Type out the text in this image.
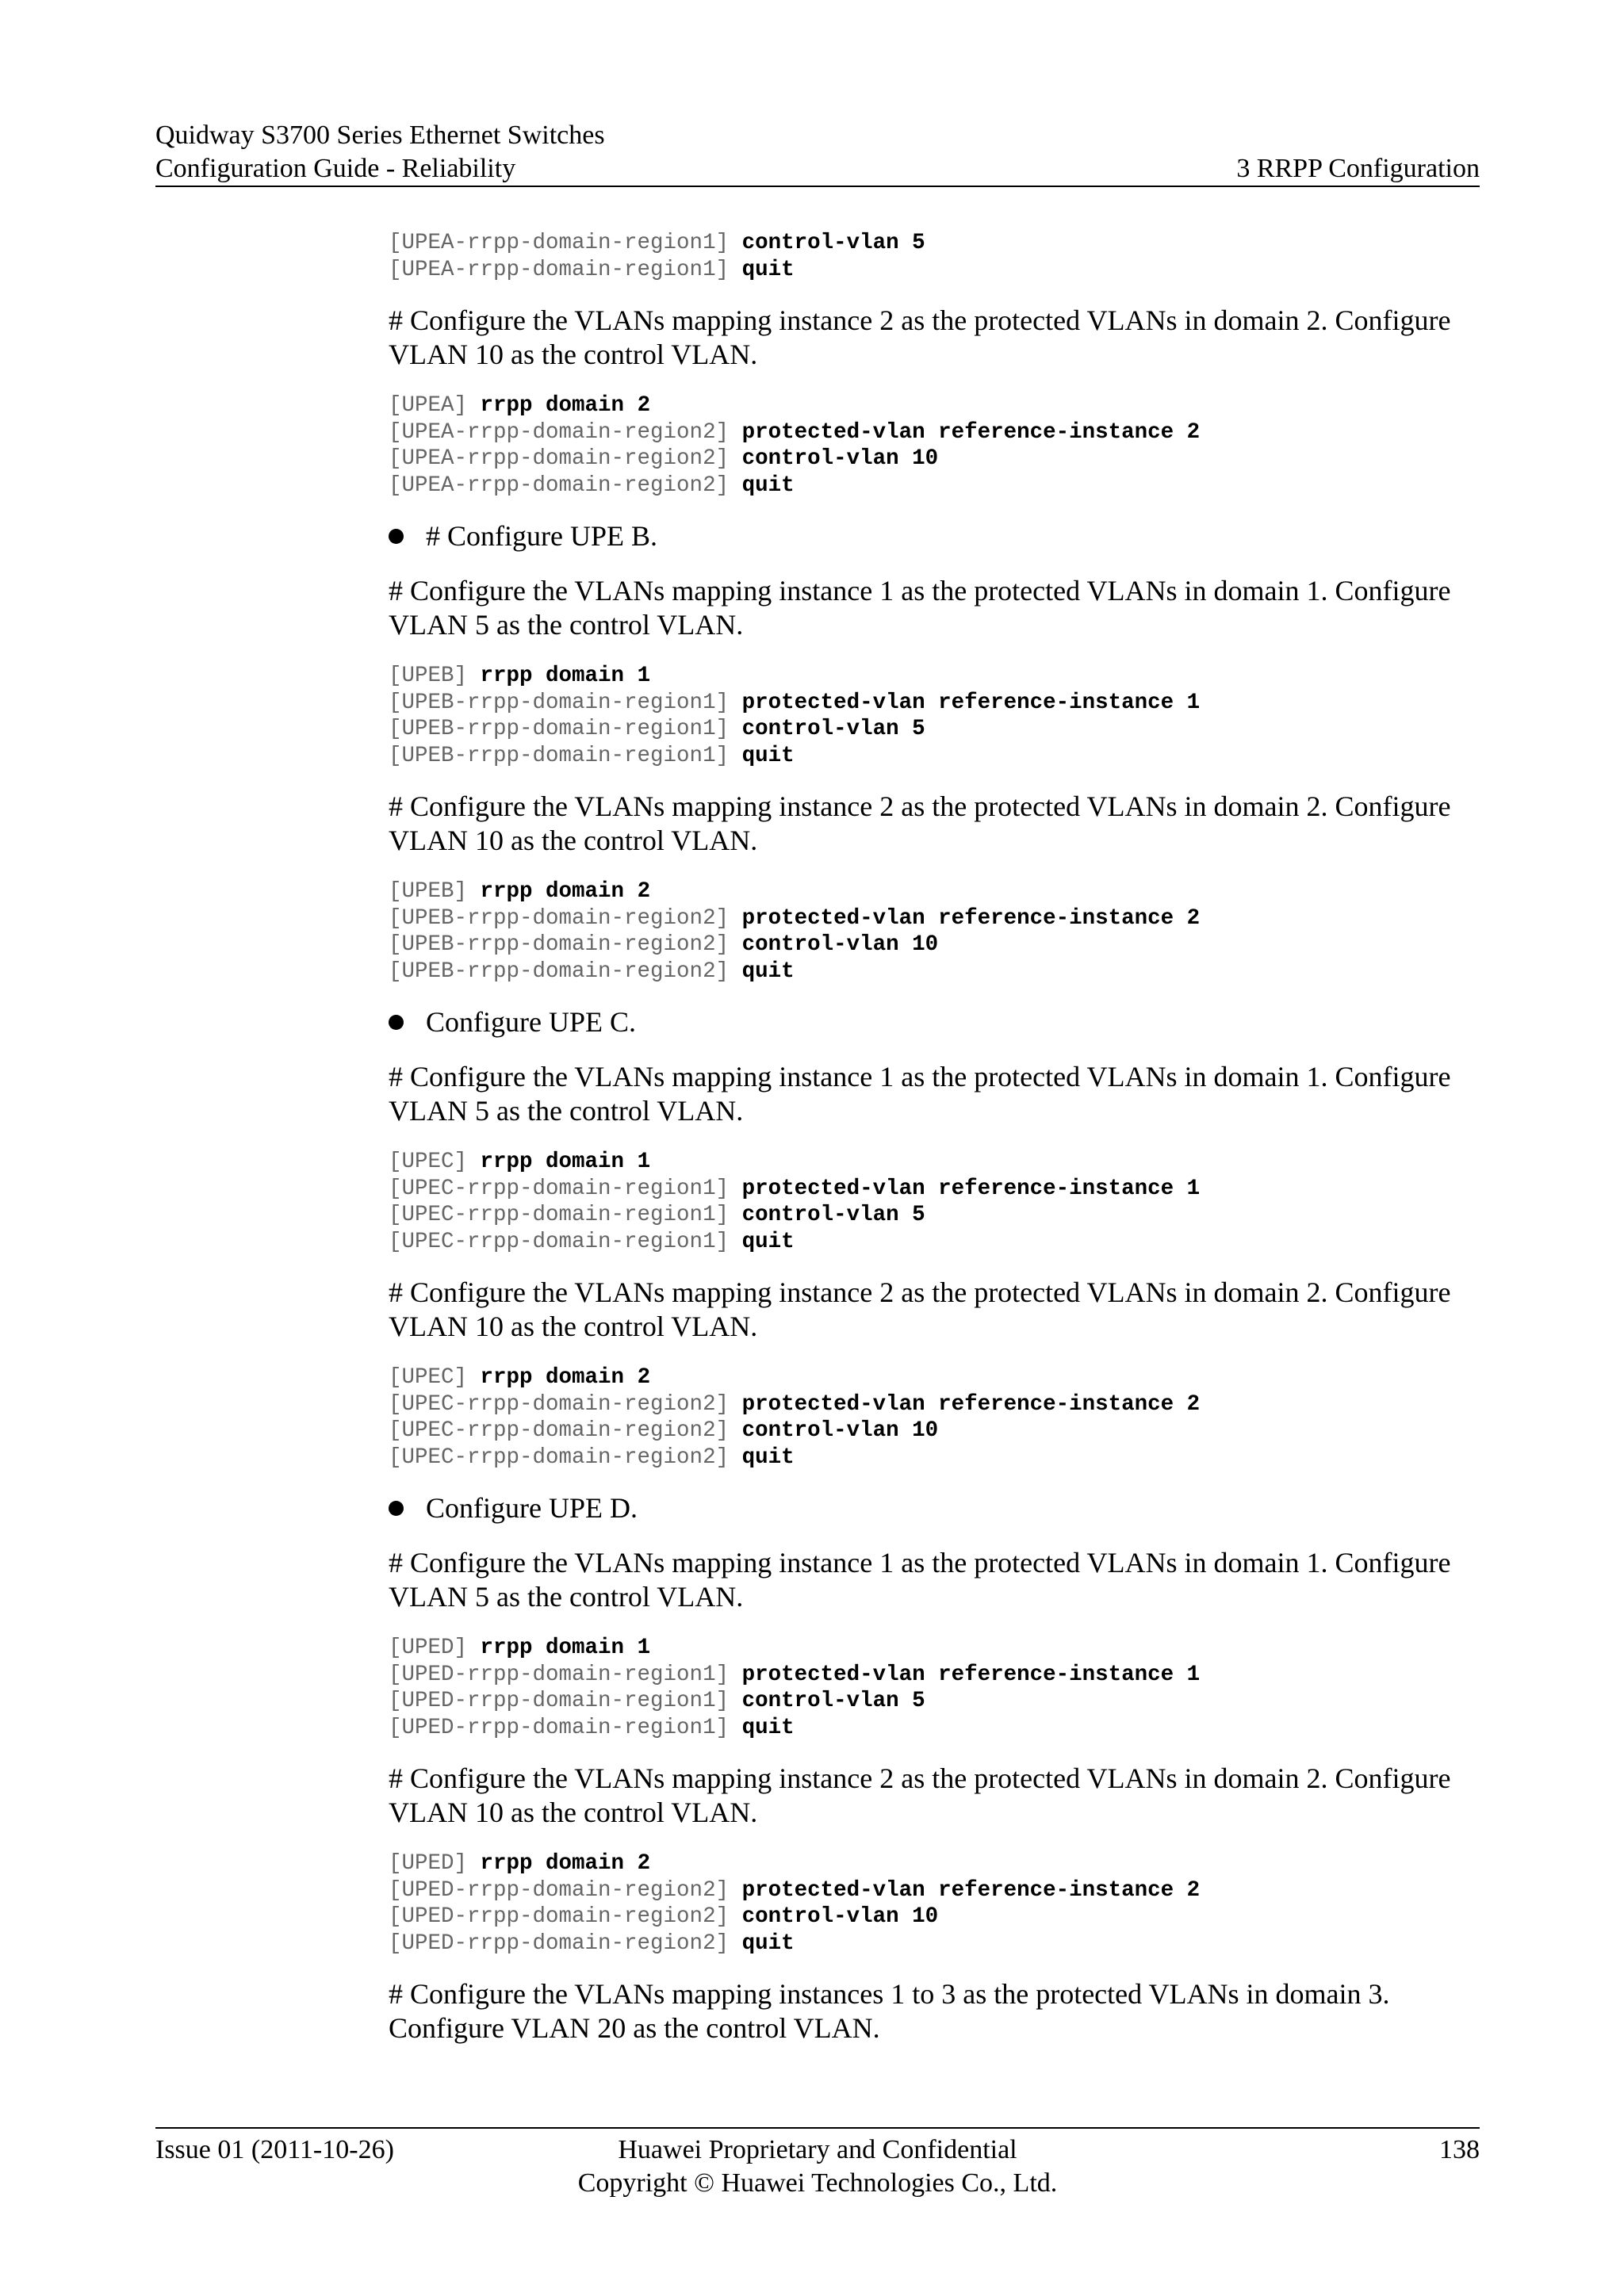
Quidway S3700 Series Ethernet Switches
Configuration Guide - Reliability	3 RRPP Configuration
[UPEA-rrpp-domain-region1] control-vlan 5
[UPEA-rrpp-domain-region1] quit
# Configure the VLANs mapping instance 2 as the protected VLANs in domain 2. Configure VLAN 10 as the control VLAN.
[UPEA] rrpp domain 2
[UPEA-rrpp-domain-region2] protected-vlan reference-instance 2
[UPEA-rrpp-domain-region2] control-vlan 10
[UPEA-rrpp-domain-region2] quit
# Configure UPE B.
# Configure the VLANs mapping instance 1 as the protected VLANs in domain 1. Configure VLAN 5 as the control VLAN.
[UPEB] rrpp domain 1
[UPEB-rrpp-domain-region1] protected-vlan reference-instance 1
[UPEB-rrpp-domain-region1] control-vlan 5
[UPEB-rrpp-domain-region1] quit
# Configure the VLANs mapping instance 2 as the protected VLANs in domain 2. Configure VLAN 10 as the control VLAN.
[UPEB] rrpp domain 2
[UPEB-rrpp-domain-region2] protected-vlan reference-instance 2
[UPEB-rrpp-domain-region2] control-vlan 10
[UPEB-rrpp-domain-region2] quit
Configure UPE C.
# Configure the VLANs mapping instance 1 as the protected VLANs in domain 1. Configure VLAN 5 as the control VLAN.
[UPEC] rrpp domain 1
[UPEC-rrpp-domain-region1] protected-vlan reference-instance 1
[UPEC-rrpp-domain-region1] control-vlan 5
[UPEC-rrpp-domain-region1] quit
# Configure the VLANs mapping instance 2 as the protected VLANs in domain 2. Configure VLAN 10 as the control VLAN.
[UPEC] rrpp domain 2
[UPEC-rrpp-domain-region2] protected-vlan reference-instance 2
[UPEC-rrpp-domain-region2] control-vlan 10
[UPEC-rrpp-domain-region2] quit
Configure UPE D.
# Configure the VLANs mapping instance 1 as the protected VLANs in domain 1. Configure VLAN 5 as the control VLAN.
[UPED] rrpp domain 1
[UPED-rrpp-domain-region1] protected-vlan reference-instance 1
[UPED-rrpp-domain-region1] control-vlan 5
[UPED-rrpp-domain-region1] quit
# Configure the VLANs mapping instance 2 as the protected VLANs in domain 2. Configure VLAN 10 as the control VLAN.
[UPED] rrpp domain 2
[UPED-rrpp-domain-region2] protected-vlan reference-instance 2
[UPED-rrpp-domain-region2] control-vlan 10
[UPED-rrpp-domain-region2] quit
# Configure the VLANs mapping instances 1 to 3 as the protected VLANs in domain 3. Configure VLAN 20 as the control VLAN.
Issue 01 (2011-10-26)	Huawei Proprietary and Confidential
Copyright © Huawei Technologies Co., Ltd.
138
